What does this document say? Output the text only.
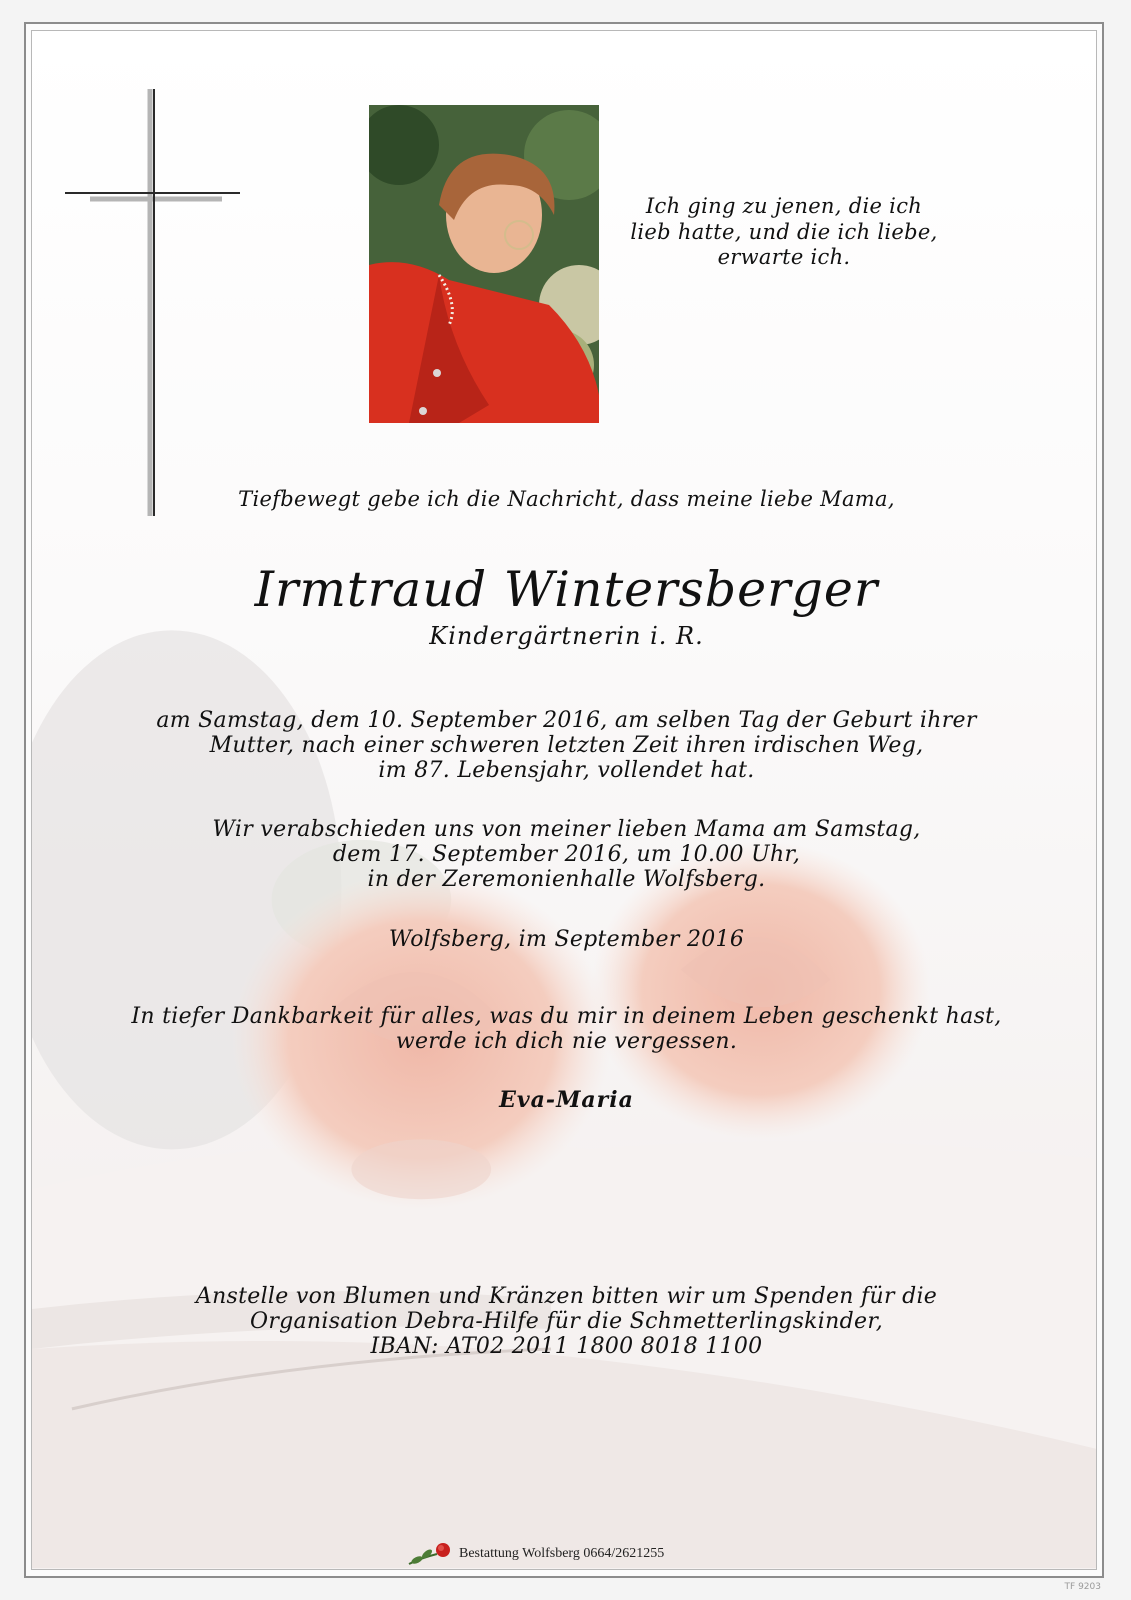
Ich ging zu jenen, die ich
lieb hatte, und die ich liebe,
erwarte ich.
Tiefbewegt gebe ich die Nachricht, dass meine liebe Mama,
Irmtraud Wintersberger
Kindergärtnerin i. R.
am Samstag, dem 10. September 2016, am selben Tag der Geburt ihrer
Mutter, nach einer schweren letzten Zeit ihren irdischen Weg,
im 87. Lebensjahr, vollendet hat.
Wir verabschieden uns von meiner lieben Mama am Samstag,
dem 17. September 2016, um 10.00 Uhr,
in der Zeremonienhalle Wolfsberg.
Wolfsberg, im September 2016
In tiefer Dankbarkeit für alles, was du mir in deinem Leben geschenkt hast,
werde ich dich nie vergessen.
Eva-Maria
Anstelle von Blumen und Kränzen bitten wir um Spenden für die
Organisation Debra-Hilfe für die Schmetterlingskinder,
IBAN: AT02 2011 1800 8018 1100
Bestattung Wolfsberg 0664/2621255
TF 9203
